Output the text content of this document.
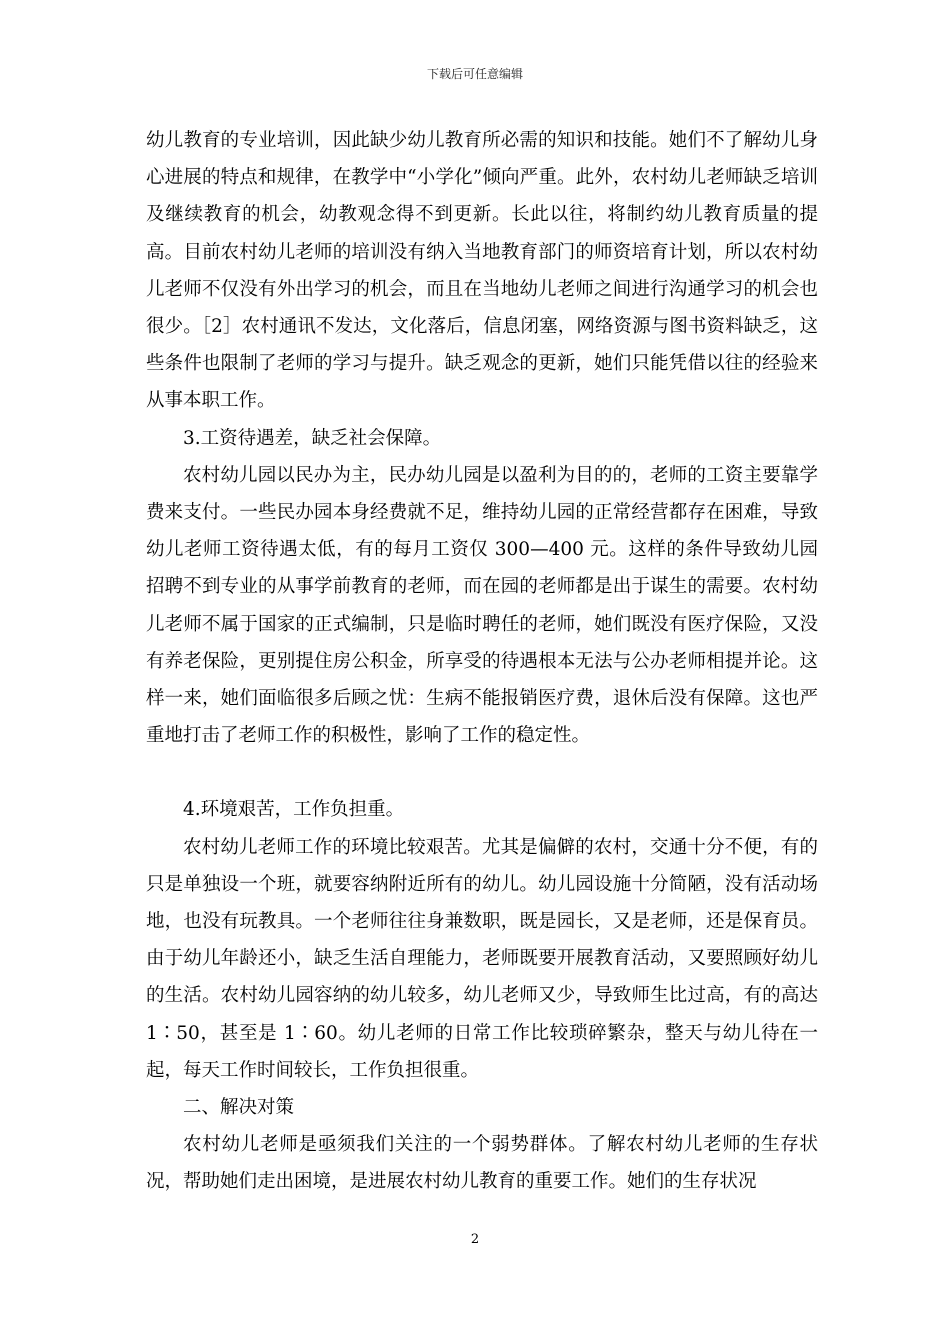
下载后可任意编辑

幼儿教育的专业培训，因此缺少幼儿教育所必需的知识和技能。她们不了解幼儿身心进展的特点和规律，在教学中“小学化”倾向严重。此外，农村幼儿老师缺乏培训及继续教育的机会，幼教观念得不到更新。长此以往，将制约幼儿教育质量的提高。目前农村幼儿老师的培训没有纳入当地教育部门的师资培育计划，所以农村幼儿老师不仅没有外出学习的机会，而且在当地幼儿老师之间进行沟通学习的机会也很少。［2］农村通讯不发达，文化落后，信息闭塞，网络资源与图书资料缺乏，这些条件也限制了老师的学习与提升。缺乏观念的更新，她们只能凭借以往的经验来从事本职工作。

3.工资待遇差，缺乏社会保障。

农村幼儿园以民办为主，民办幼儿园是以盈利为目的的，老师的工资主要靠学费来支付。一些民办园本身经费就不足，维持幼儿园的正常经营都存在困难，导致幼儿老师工资待遇太低，有的每月工资仅 300—400 元。这样的条件导致幼儿园招聘不到专业的从事学前教育的老师，而在园的老师都是出于谋生的需要。农村幼儿老师不属于国家的正式编制，只是临时聘任的老师，她们既没有医疗保险，又没有养老保险，更别提住房公积金，所享受的待遇根本无法与公办老师相提并论。这样一来，她们面临很多后顾之忧：生病不能报销医疗费，退休后没有保障。这也严重地打击了老师工作的积极性，影响了工作的稳定性。

4.环境艰苦，工作负担重。

农村幼儿老师工作的环境比较艰苦。尤其是偏僻的农村，交通十分不便，有的只是单独设一个班，就要容纳附近所有的幼儿。幼儿园设施十分简陋，没有活动场地，也没有玩教具。一个老师往往身兼数职，既是园长，又是老师，还是保育员。由于幼儿年龄还小，缺乏生活自理能力，老师既要开展教育活动，又要照顾好幼儿的生活。农村幼儿园容纳的幼儿较多，幼儿老师又少，导致师生比过高，有的高达 1∶50，甚至是 1∶60。幼儿老师的日常工作比较琐碎繁杂，整天与幼儿待在一起，每天工作时间较长，工作负担很重。

二、解决对策

农村幼儿老师是亟须我们关注的一个弱势群体。了解农村幼儿老师的生存状况，帮助她们走出困境，是进展农村幼儿教育的重要工作。她们的生存状况

2
